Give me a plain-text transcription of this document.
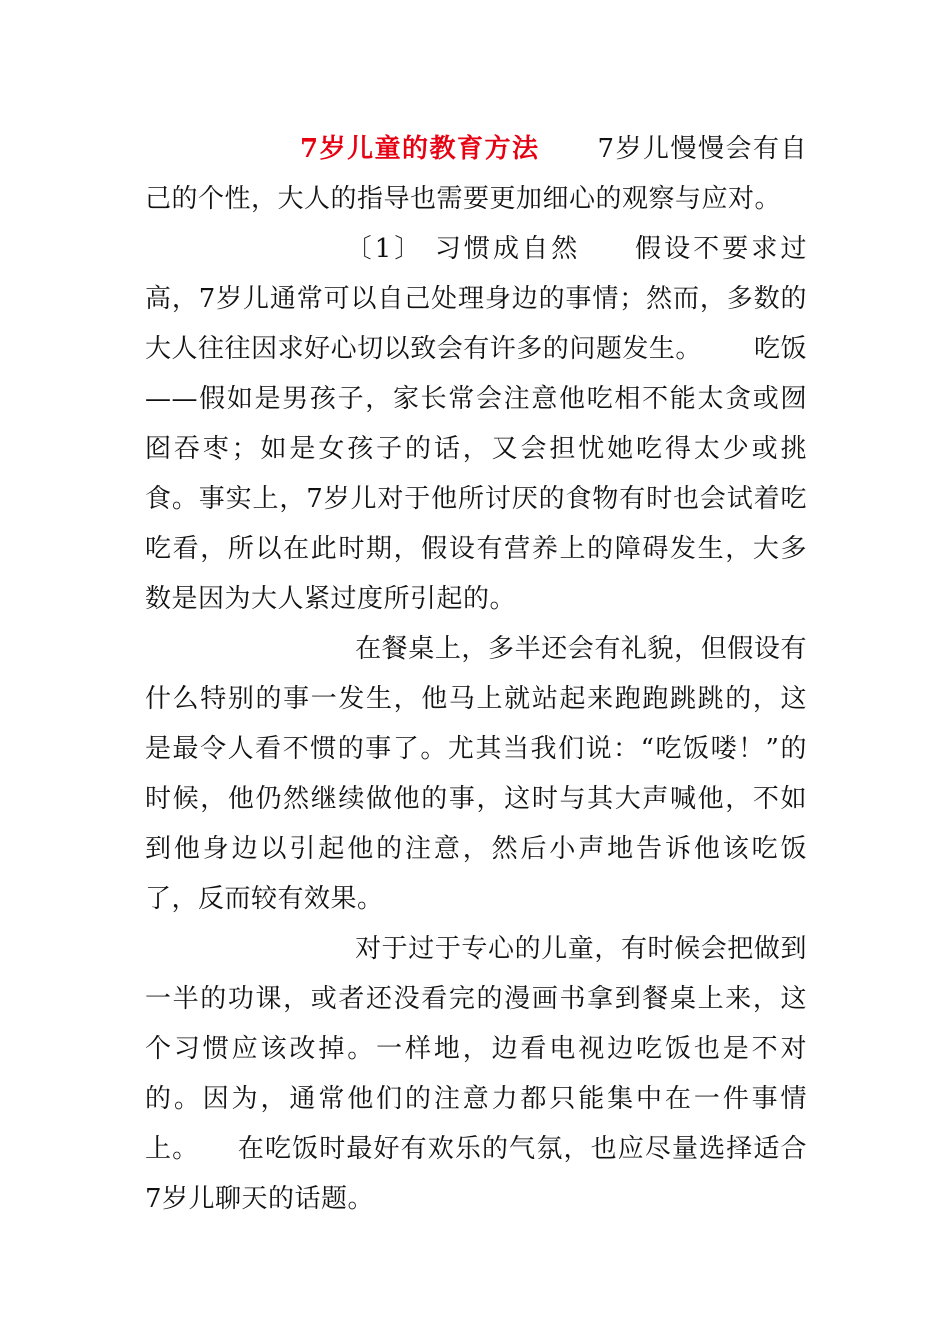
7岁儿童的教育方法 7岁儿慢慢会有自己的个性，大人的指导也需要更加细心的观察与应对。

〔1〕 习惯成自然 假设不要求过高，7岁儿通常可以自己处理身边的事情；然而，多数的大人往往因求好心切以致会有许多的问题发生。 吃饭——假如是男孩子，家长常会注意他吃相不能太贪或囫囵吞枣；如是女孩子的话，又会担忧她吃得太少或挑食。事实上，7岁儿对于他所讨厌的食物有时也会试着吃吃看，所以在此时期，假设有营养上的障碍发生，大多数是因为大人紧过度所引起的。

在餐桌上，多半还会有礼貌，但假设有什么特别的事一发生，他马上就站起来跑跑跳跳的，这是最令人看不惯的事了。尤其当我们说：“吃饭喽！”的时候，他仍然继续做他的事，这时与其大声喊他，不如到他身边以引起他的注意，然后小声地告诉他该吃饭了，反而较有效果。

对于过于专心的儿童，有时候会把做到一半的功课，或者还没看完的漫画书拿到餐桌上来，这个习惯应该改掉。一样地，边看电视边吃饭也是不对的。因为，通常他们的注意力都只能集中在一件事情上。 在吃饭时最好有欢乐的气氛，也应尽量选择适合7岁儿聊天的话题。
